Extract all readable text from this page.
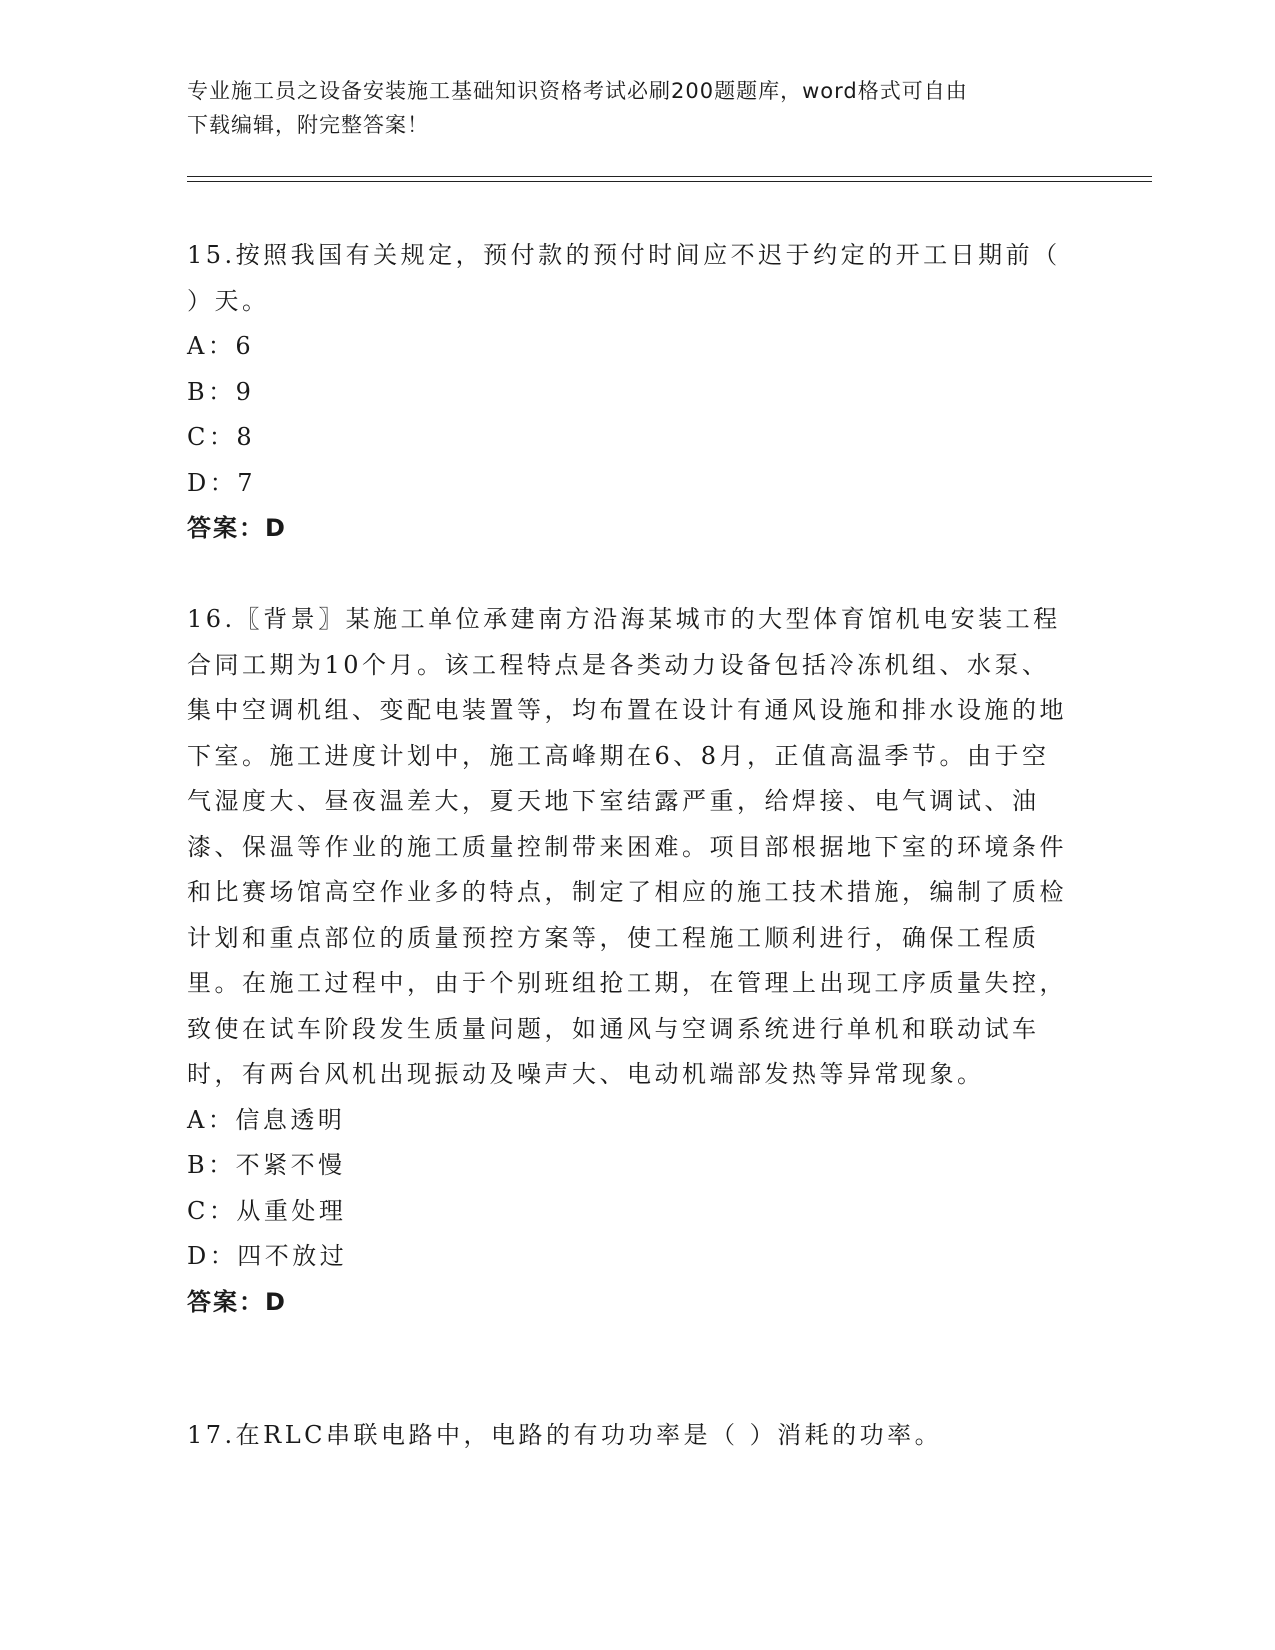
专业施工员之设备安装施工基础知识资格考试必刷200题题库，word格式可自由
下载编辑，附完整答案！
15.按照我国有关规定，预付款的预付时间应不迟于约定的开工日期前（ ）天。
A：6
B：9
C：8
D：7
答案：D
16.〖背景〗某施工单位承建南方沿海某城市的大型体育馆机电安装工程合同工期为10个月。该工程特点是各类动力设备包括冷冻机组、水泵、集中空调机组、变配电装置等，均布置在设计有通风设施和排水设施的地下室。施工进度计划中，施工高峰期在6、8月，正值高温季节。由于空气湿度大、昼夜温差大，夏天地下室结露严重，给焊接、电气调试、油漆、保温等作业的施工质量控制带来困难。项目部根据地下室的环境条件和比赛场馆高空作业多的特点，制定了相应的施工技术措施，编制了质检计划和重点部位的质量预控方案等，使工程施工顺利进行，确保工程质里。在施工过程中，由于个别班组抢工期，在管理上出现工序质量失控，致使在试车阶段发生质量问题，如通风与空调系统进行单机和联动试车时，有两台风机出现振动及噪声大、电动机端部发热等异常现象。
A：信息透明
B：不紧不慢
C：从重处理
D：四不放过
答案：D
17.在RLC串联电路中，电路的有功功率是（ ）消耗的功率。
